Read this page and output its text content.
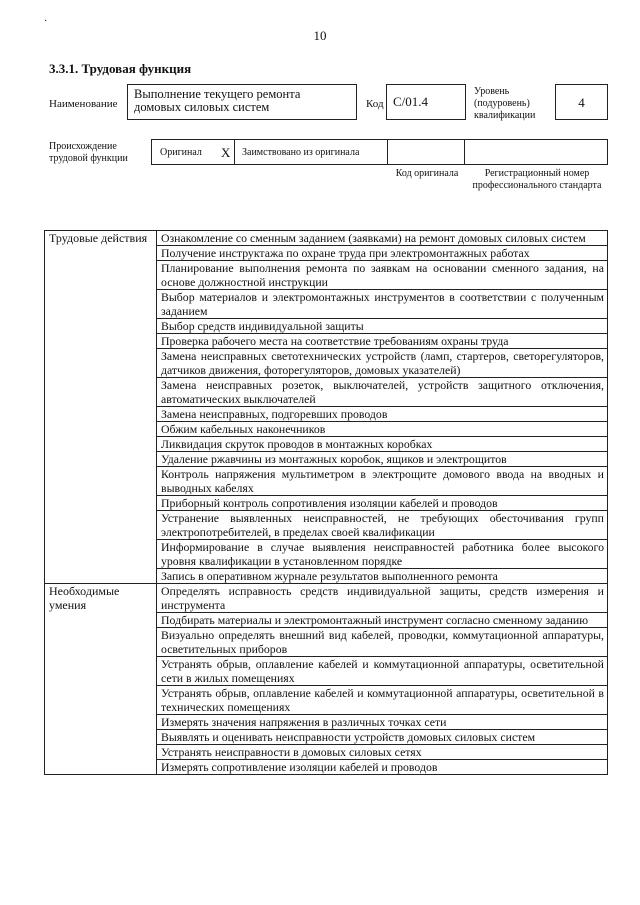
·
10
3.3.1. Трудовая функция
Наименование
Выполнение текущего ремонта домовых силовых систем	Код С/01.4
Уровень (подуровень) квалификации
4
Происхождение трудовой функции
Оригинал X Заимствовано из оригинала
Код оригинала	Регистрационный номер профессионального стандарта
Трудовые действия	Ознакомление со сменным заданием (заявками) на ремонт домовых силовых систем
	Получение инструктажа по охране труда при электромонтажных работах
	Планирование выполнения ремонта по заявкам на основании сменного задания, на основе должностной инструкции
	Выбор материалов и электромонтажных инструментов в соответствии с полученным заданием
	Выбор средств индивидуальной защиты
	Проверка рабочего места на соответствие требованиям охраны труда
	Замена неисправных светотехнических устройств (ламп, стартеров, светорегуляторов, датчиков движения, фоторегуляторов, домовых указателей)
	Замена неисправных розеток, выключателей, устройств защитного отключения, автоматических выключателей
	Замена неисправных, подгоревших проводов
	Обжим кабельных наконечников
	Ликвидация скруток проводов в монтажных коробках
	Удаление ржавчины из монтажных коробок, ящиков и электрощитов
	Контроль напряжения мультиметром в электрощите домового ввода на вводных и выводных кабелях
	Приборный контроль сопротивления изоляции кабелей и проводов
	Устранение выявленных неисправностей, не требующих обесточивания групп электропотребителей, в пределах своей квалификации
	Информирование в случае выявления неисправностей работника более высокого уровня квалификации в установленном порядке
	Запись в оперативном журнале результатов выполненного ремонта
Необходимые умения	Определять исправность средств индивидуальной защиты, средств измерения и инструмента
	Подбирать материалы и электромонтажный инструмент согласно сменному заданию
	Визуально определять внешний вид кабелей, проводки, коммутационной аппаратуры, осветительных приборов
	Устранять обрыв, оплавление кабелей и коммутационной аппаратуры, осветительной сети в жилых помещениях
	Устранять обрыв, оплавление кабелей и коммутационной аппаратуры, осветительной в технических помещениях
	Измерять значения напряжения в различных точках сети
	Выявлять и оценивать неисправности устройств домовых силовых систем
	Устранять неисправности в домовых силовых сетях
	Измерять сопротивление изоляции кабелей и проводов
